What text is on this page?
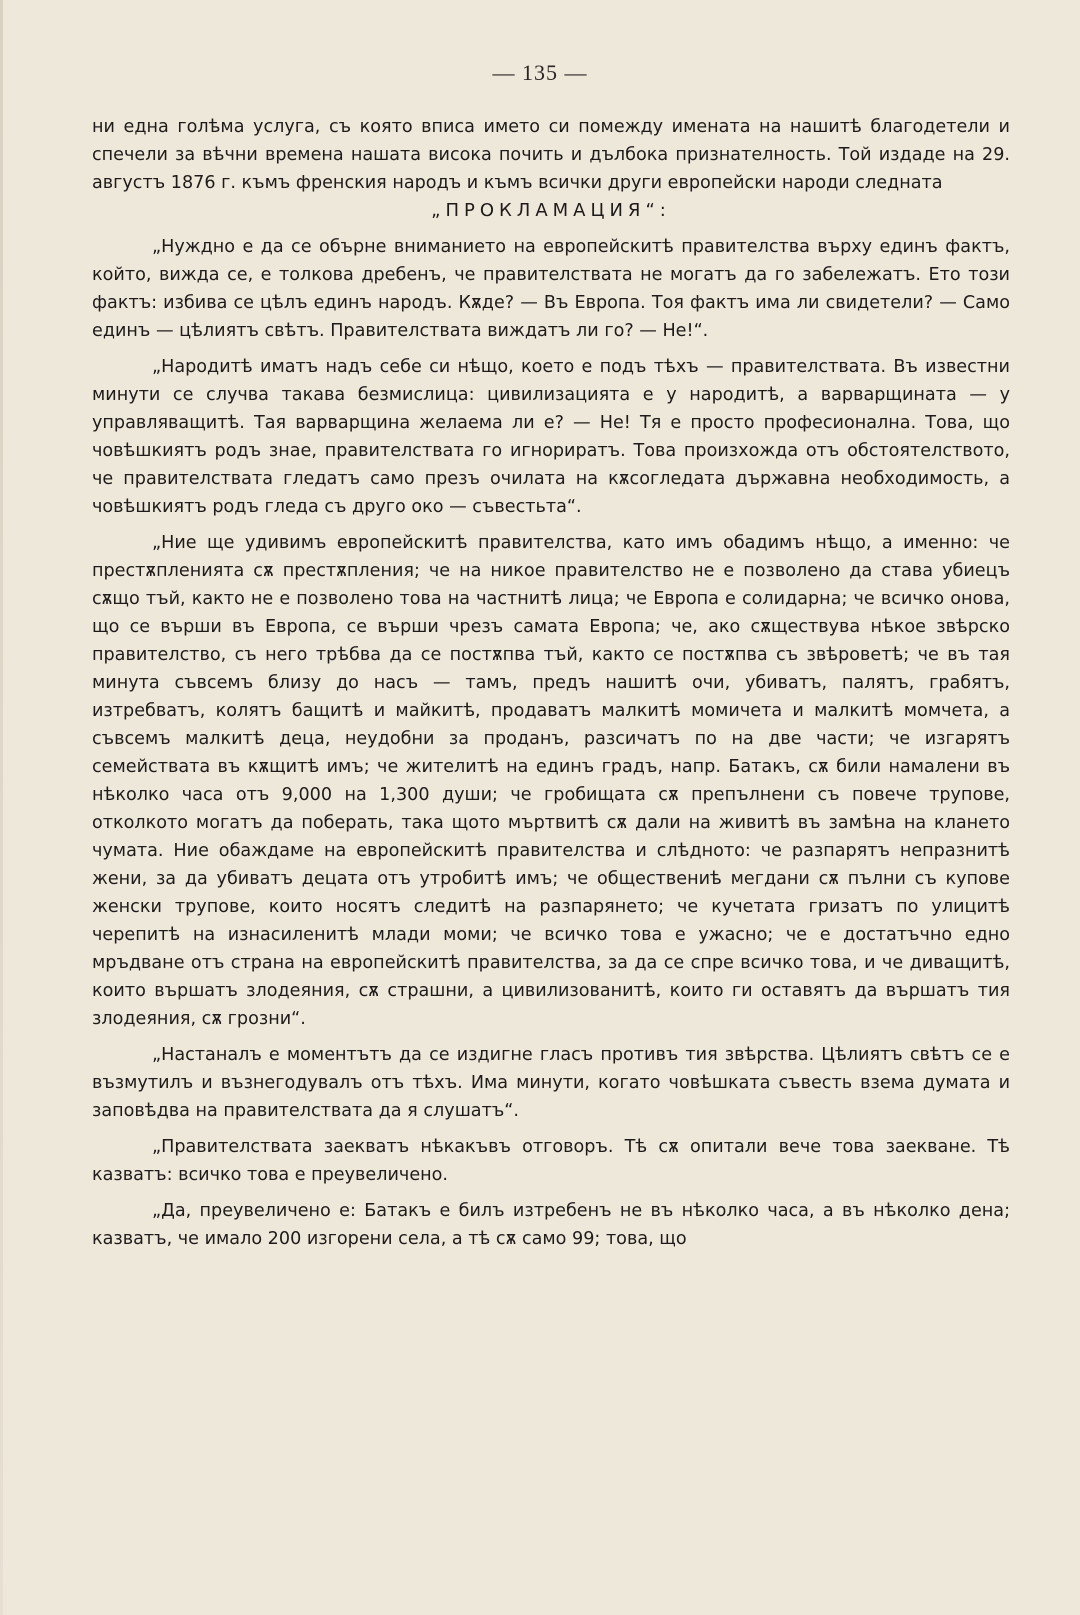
— 135 —

ни една голѣма услуга, съ която вписа името си помежду имената на нашитѣ благодетели и спечели за вѣчни времена нашата висока почить и дълбока признателность. Той издаде на 29. августъ 1876 г. къмъ френския народъ и къмъ всички други европейски народи следната

„ПРОКЛАМАЦИЯ“:

„Нуждно е да се обърне вниманието на европейскитѣ правителства върху единъ фактъ, който, вижда се, е толкова дребенъ, че правителствата не могатъ да го забележатъ. Ето този фактъ: избива се цѣлъ единъ народъ. Кѫде? — Въ Европа. Тоя фактъ има ли свидетели? — Само единъ — цѣлиятъ свѣтъ. Правителствата виждатъ ли го? — Не!“.

„Народитѣ иматъ надъ себе си нѣщо, което е подъ тѣхъ — правителствата. Въ известни минути се случва такава безмислица: цивилизацията е у народитѣ, а варварщината — у управляващитѣ. Тая варварщина желаема ли е? — Не! Тя е просто професионална. Това, що човѣшкиятъ родъ знае, правителствата го игнориратъ. Това произхожда отъ обстоятелството, че правителствата гледатъ само презъ очилата на кѫсогледата държавна необходимость, а човѣшкиятъ родъ гледа съ друго око — съвестьта“.

„Ние ще удивимъ европейскитѣ правителства, като имъ обадимъ нѣщо, а именно: че престѫпленията сѫ престѫпления; че на никое правителство не е позволено да става убиецъ сѫщо тъй, както не е позволено това на частнитѣ лица; че Европа е солидарна; че всичко онова, що се върши въ Европа, се върши чрезъ самата Европа; че, ако сѫществува нѣкое звѣрско правителство, съ него трѣбва да се постѫпва тъй, както се постѫпва съ звѣроветѣ; че въ тая минута съвсемъ близу до насъ — тамъ, предъ нашитѣ очи, убиватъ, палятъ, грабятъ, изтребватъ, колятъ бащитѣ и майкитѣ, продаватъ малкитѣ момичета и малкитѣ момчета, а съвсемъ малкитѣ деца, неудобни за проданъ, разсичатъ по на две части; че изгарятъ семействата въ кѫщитѣ имъ; че жителитѣ на единъ градъ, напр. Батакъ, сѫ били намалени въ нѣколко часа отъ 9,000 на 1,300 души; че гробищата сѫ препълнени съ повече трупове, отколкото могатъ да поберать, така щото мъртвитѣ сѫ дали на живитѣ въ замѣна на клането чумата. Ние обаждаме на европейскитѣ правителства и слѣдното: че разпарятъ непразнитѣ жени, за да убиватъ децата отъ утробитѣ имъ; че обществениѣ мегдани сѫ пълни съ купове женски трупове, които носятъ следитѣ на разпарянето; че кучетата гризатъ по улицитѣ черепитѣ на изнасиленитѣ млади моми; че всичко това е ужасно; че е достатъчно едно мръдване отъ страна на европейскитѣ правителства, за да се спре всичко това, и че диващитѣ, които вършатъ злодеяния, сѫ страшни, а цивилизованитѣ, които ги оставятъ да вършатъ тия злодеяния, сѫ грозни“.

„Настаналъ е моментътъ да се издигне гласъ противъ тия звѣрства. Цѣлиятъ свѣтъ се е възмутилъ и възнегодувалъ отъ тѣхъ. Има минути, когато човѣшката съвесть взема думата и заповѣдва на правителствата да я слушатъ“.

„Правителствата заекватъ нѣкакъвъ отговоръ. Тѣ сѫ опитали вече това заекване. Тѣ казватъ: всичко това е преувеличено.

„Да, преувеличено е: Батакъ е билъ изтребенъ не въ нѣколко часа, а въ нѣколко дена; казватъ, че имало 200 изгорени села, а тѣ сѫ само 99; това, що
